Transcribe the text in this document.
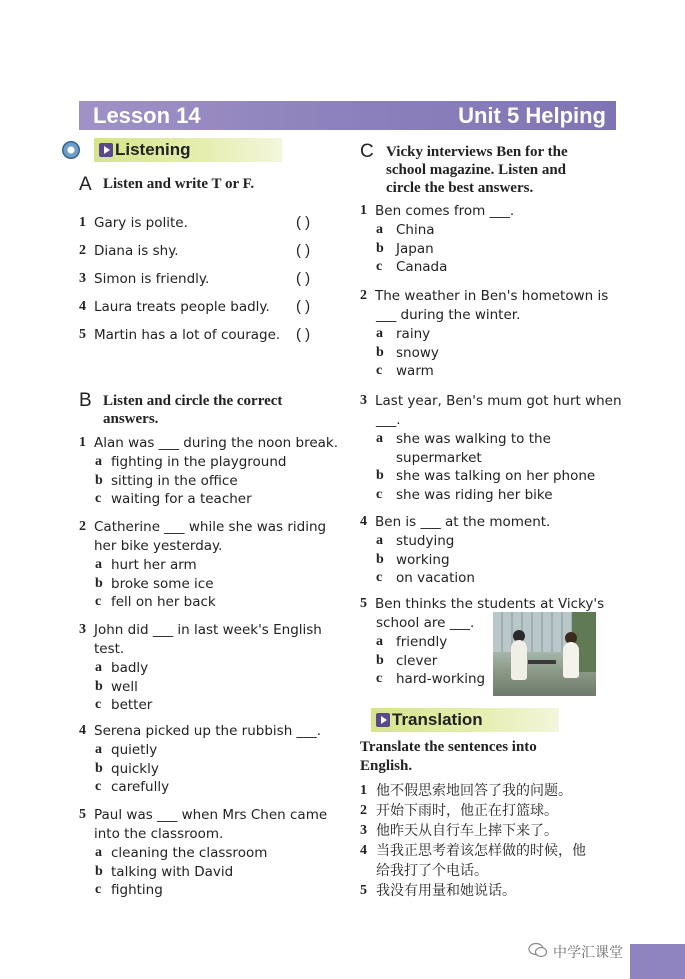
Lesson 14	Unit 5 Helping
Listening
A Listen and write T or F.
1 Gary is polite.	( )
2 Diana is shy.	( )
3 Simon is friendly.	( )
4 Laura treats people badly. ( )
5 Martin has a lot of courage. ( )
B Listen and circle the correct
answers.
1 Alan was ___ during the noon break.
a fighting in the playground
b sitting in the office
c waiting for a teacher
2 Catherine ___ while she was riding
her bike yesterday.
a hurt her arm
b broke some ice
c fell on her back
3 John did ___ in last week's English
test.
a badly
b well
c better
4 Serena picked up the rubbish ___.
a quietly
b quickly
c carefully
5 Paul was ___ when Mrs Chen came
into the classroom.
a cleaning the classroom
b talking with David
c fighting
C Vicky interviews Ben for the
school magazine. Listen and
circle the best answers.
1 Ben comes from ___.
a China
b Japan
c Canada
2 The weather in Ben's hometown is
___ during the winter.
a rainy
b snowy
c warm
3 Last year, Ben's mum got hurt when
___.
a she was walking to the
supermarket
b she was talking on her phone
c she was riding her bike
4 Ben is ___ at the moment.
a studying
b working
c on vacation
5 Ben thinks the students at Vicky's
school are ___.
a friendly
b clever
c hard-working
Translation
Translate the sentences into
English.
1 他不假思索地回答了我的问题。
2 开始下雨时，他正在打篮球。
3 他昨天从自行车上摔下来了。
4 当我正思考着该怎样做的时候，他
给我打了个电话。
5 我没有用量和她说话。
中学汇课堂
